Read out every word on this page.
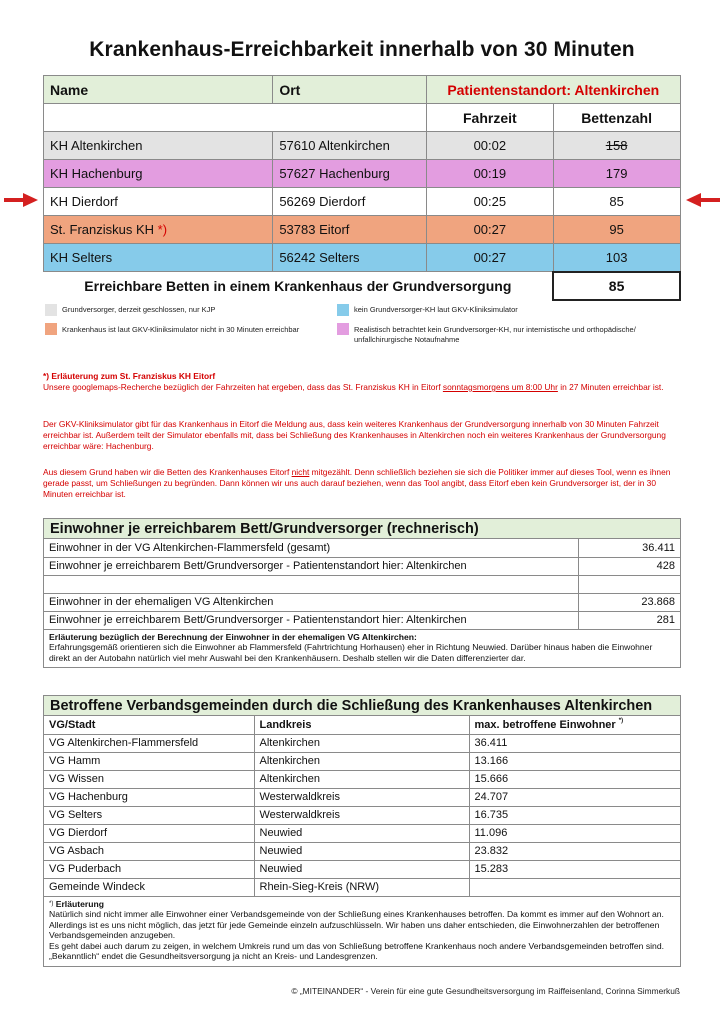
Krankenhaus-Erreichbarkeit innerhalb von 30 Minuten
Name	Ort	Patientenstandort: Altenkirchen	
		Fahrzeit	Bettenzahl
KH Altenkirchen	57610 Altenkirchen	00:02	158
KH Hachenburg	57627 Hachenburg	00:19	179
KH Dierdorf	56269 Dierdorf	00:25	85
St. Franziskus KH *)	53783 Eitorf	00:27	95
KH Selters	56242 Selters	00:27	103
Erreichbare Betten in einem Krankenhaus der Grundversorgung			85
Grundversorger, derzeit geschlossen, nur KJP	kein Grundversorger-KH laut GKV-Kliniksimulator
Krankenhaus ist laut GKV-Kliniksimulator nicht in 30 Minuten erreichbar	Realistisch betrachtet kein Grundversorger-KH, nur internistische und orthopädische/
unfallchirurgische Notaufnahme
*) Erläuterung zum St. Franziskus KH Eitorf
Unsere googlemaps-Recherche bezüglich der Fahrzeiten hat ergeben, dass das St. Franziskus KH in Eitorf sonntagsmorgens um 8:00 Uhr in 27 Minuten erreichbar ist.
Der GKV-Kliniksimulator gibt für das Krankenhaus in Eitorf die Meldung aus, dass kein weiteres Krankenhaus der Grundversorgung innerhalb von 30 Minuten Fahrzeit erreichbar ist. Außerdem teilt der Simulator ebenfalls mit, dass bei Schließung des Krankenhauses in Altenkirchen noch ein weiteres Krankenhaus der Grundversorgung erreichbar wäre: Hachenburg.
Aus diesem Grund haben wir die Betten des Krankenhauses Eitorf nicht mitgezählt. Denn schließlich beziehen sie sich die Politiker immer auf dieses Tool, wenn es ihnen gerade passt, um Schließungen zu begründen. Dann können wir uns auch darauf beziehen, wenn das Tool angibt, dass Eitorf eben kein Grundversorger ist, der in 30 Minuten erreichbar ist.
Einwohner je erreichbarem Bett/Grundversorger (rechnerisch)
Einwohner in der VG Altenkirchen-Flammersfeld (gesamt)	36.411
Einwohner je erreichbarem Bett/Grundversorger - Patientenstandort hier: Altenkirchen	428

Einwohner in der ehemaligen VG Altenkirchen	23.868
Einwohner je erreichbarem Bett/Grundversorger - Patientenstandort hier: Altenkirchen	281
Erläuterung bezüglich der Berechnung der Einwohner in der ehemaligen VG Altenkirchen:
Erfahrungsgemäß orientieren sich die Einwohner ab Flammersfeld (Fahrtrichtung Horhausen) eher in Richtung Neuwied. Darüber hinaus haben die Einwohner direkt an der Autobahn natürlich viel mehr Auswahl bei den Krankenhäusern. Deshalb stellen wir die Daten differenzierter dar.
Betroffene Verbandsgemeinden durch die Schließung des Krankenhauses Altenkirchen
VG/Stadt	Landkreis	max. betroffene Einwohner *)
VG Altenkirchen-Flammersfeld	Altenkirchen	36.411
VG Hamm	Altenkirchen	13.166
VG Wissen	Altenkirchen	15.666
VG Hachenburg	Westerwaldkreis	24.707
VG Selters	Westerwaldkreis	16.735
VG Dierdorf	Neuwied	11.096
VG Asbach	Neuwied	23.832
VG Puderbach	Neuwied	15.283
Gemeinde Windeck	Rhein-Sieg-Kreis (NRW)	
*) Erläuterung
Natürlich sind nicht immer alle Einwohner einer Verbandsgemeinde von der Schließung eines Krankenhauses betroffen. Da kommt es immer auf den Wohnort an. Allerdings ist es uns nicht möglich, das jetzt für jede Gemeinde einzeln aufzuschlüsseln. Wir haben uns daher entschieden, die Einwohnerzahlen der betroffenen Verbandsgemeinden anzugeben.
Es geht dabei auch darum zu zeigen, in welchem Umkreis rund um das von Schließung betroffene Krankenhaus noch andere Verbandsgemeinden betroffen sind. „Bekanntlich“ endet die Gesundheitsversorgung ja nicht an Kreis- und Landesgrenzen.
© „MITEINANDER“ - Verein für eine gute Gesundheitsversorgung im Raiffeisenland, Corinna Simmerkuß
